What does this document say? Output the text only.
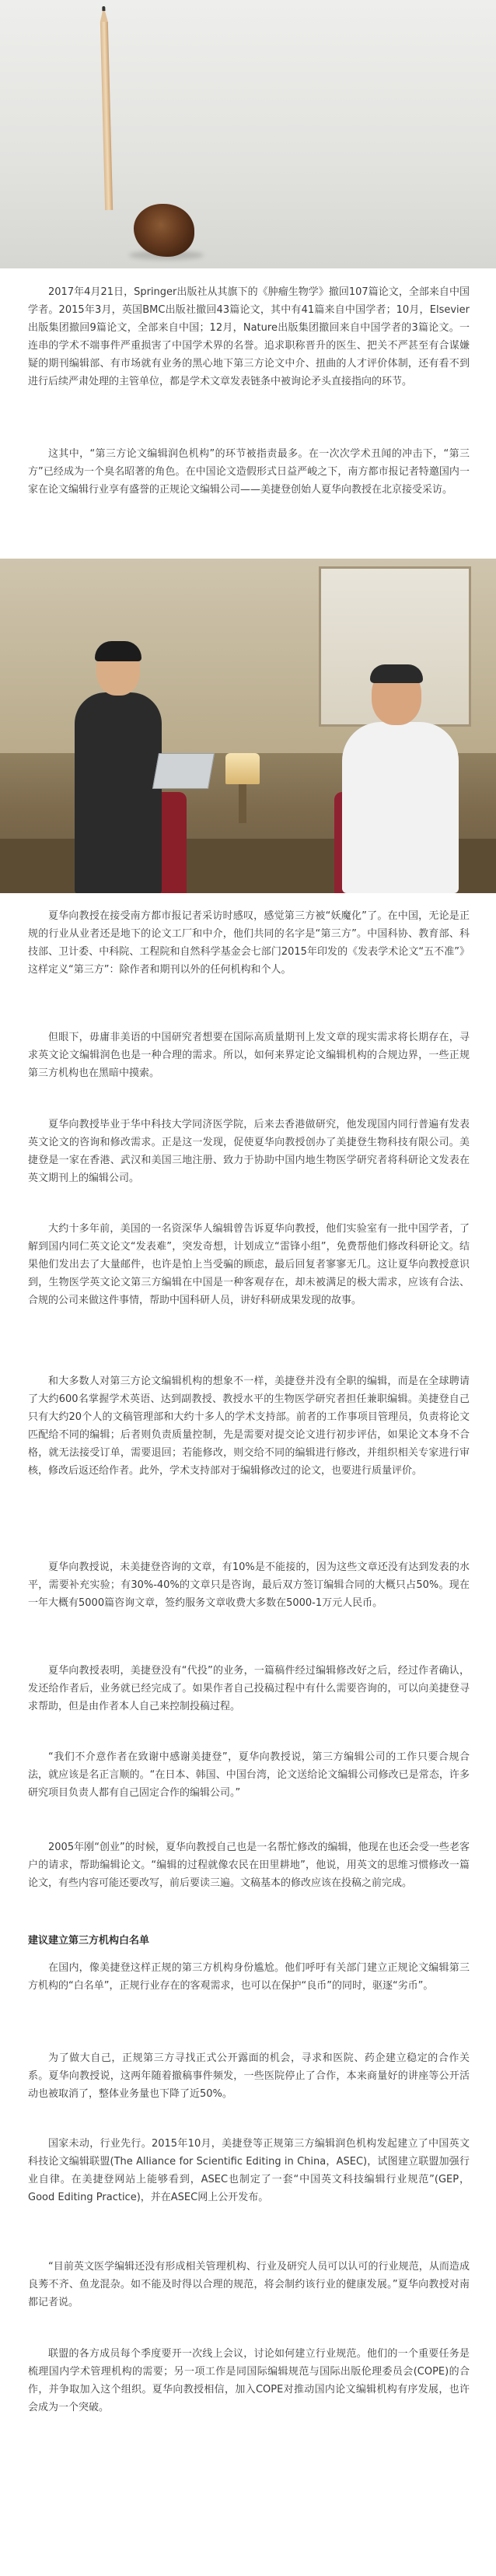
2017年4月21日，Springer出版社从其旗下的《肿瘤生物学》撤回107篇论文，全部来自中国学者。2015年3月，英国BMC出版社撤回43篇论文，其中有41篇来自中国学者；10月，Elsevier出版集团撤回9篇论文，全部来自中国；12月，Nature出版集团撤回来自中国学者的3篇论文。一连串的学术不端事件严重损害了中国学术界的名誉。追求职称晋升的医生、把关不严甚至有合谋嫌疑的期刊编辑部、有市场就有业务的黑心地下第三方论文中介、扭曲的人才评价体制，还有看不到进行后续严肃处理的主管单位，都是学术文章发表链条中被询论矛头直接指向的环节。

这其中，“第三方论文编辑润色机构”的环节被指责最多。在一次次学术丑闻的冲击下，“第三方”已经成为一个臭名昭著的角色。在中国论文造假形式日益严峻之下，南方都市报记者特邀国内一家在论文编辑行业享有盛誉的正规论文编辑公司——美捷登创始人夏华向教授在北京接受采访。

夏华向教授在接受南方都市报记者采访时感叹，感觉第三方被“妖魔化”了。在中国，无论是正规的行业从业者还是地下的论文工厂和中介，他们共同的名字是“第三方”。中国科协、教育部、科技部、卫计委、中科院、工程院和自然科学基金会七部门2015年印发的《发表学术论文“五不准”》这样定义“第三方”：除作者和期刊以外的任何机构和个人。

但眼下，毋庸非美语的中国研究者想要在国际高质量期刊上发文章的现实需求将长期存在，寻求英文论文编辑润色也是一种合理的需求。所以，如何来界定论文编辑机构的合规边界，一些正规第三方机构也在黑暗中摸索。

夏华向教授毕业于华中科技大学同济医学院，后来去香港做研究，他发现国内同行普遍有发表英文论文的咨询和修改需求。正是这一发现，促使夏华向教授创办了美捷登生物科技有限公司。美捷登是一家在香港、武汉和美国三地注册、致力于协助中国内地生物医学研究者将科研论文发表在英文期刊上的编辑公司。

大约十多年前，美国的一名资深华人编辑曾告诉夏华向教授，他们实验室有一批中国学者，了解到国内同仁英文论文“发表难”，突发奇想，计划成立“雷锋小组”，免费帮他们修改科研论文。结果他们发出去了大量邮件，也许是怕上当受骗的顾虑，最后回复者寥寥无几。这让夏华向教授意识到，生物医学英文论文第三方编辑在中国是一种客观存在，却未被满足的极大需求，应该有合法、合规的公司来做这件事情，帮助中国科研人员，讲好科研成果发现的故事。

和大多数人对第三方论文编辑机构的想象不一样，美捷登并没有全职的编辑，而是在全球聘请了大约600名掌握学术英语、达到副教授、教授水平的生物医学研究者担任兼职编辑。美捷登自己只有大约20个人的文稿管理部和大约十多人的学术支持部。前者的工作事项目管理员，负责将论文匹配给不同的编辑；后者则负责质量控制，先是需要对提交论文进行初步评估，如果论文本身不合格，就无法接受订单，需要退回；若能修改，则交给不同的编辑进行修改，并组织相关专家进行审核，修改后返还给作者。此外，学术支持部对于编辑修改过的论文，也要进行质量评价。

夏华向教授说，未美捷登咨询的文章，有10%是不能接的，因为这些文章还没有达到发表的水平，需要补充实验；有30%-40%的文章只是咨询，最后双方签订编辑合同的大概只占50%。现在一年大概有5000篇咨询文章，签约服务文章收费大多数在5000-1万元人民币。

夏华向教授表明，美捷登没有“代投”的业务，一篇稿件经过编辑修改好之后，经过作者确认，发还给作者后，业务就已经完成了。如果作者自己投稿过程中有什么需要咨询的，可以向美捷登寻求帮助，但是由作者本人自己来控制投稿过程。

“我们不介意作者在致谢中感谢美捷登”，夏华向教授说，第三方编辑公司的工作只要合规合法，就应该是名正言顺的。“在日本、韩国、中国台湾，论文送给论文编辑公司修改已是常态，许多研究项目负责人都有自己固定合作的编辑公司。”

2005年刚“创业”的时候，夏华向教授自己也是一名帮忙修改的编辑，他现在也还会受一些老客户的请求，帮助编辑论文。“编辑的过程就像农民在田里耕地”，他说，用英文的思维习惯修改一篇论文，有些内容可能还要改写，前后要读三遍。文稿基本的修改应该在投稿之前完成。

建议建立第三方机构白名单

在国内，像美捷登这样正规的第三方机构身份尴尬。他们呼吁有关部门建立正规论文编辑第三方机构的“白名单”，正规行业存在的客观需求，也可以在保护“良币”的同时，驱逐“劣币”。

为了做大自己，正规第三方寻找正式公开露面的机会，寻求和医院、药企建立稳定的合作关系。夏华向教授说，这两年随着撤稿事件频发，一些医院停止了合作，本来商量好的讲座等公开活动也被取消了，整体业务量也下降了近50%。

国家未动，行业先行。2015年10月，美捷登等正规第三方编辑润色机构发起建立了中国英文科技论文编辑联盟(The Alliance for Scientific Editing in China，ASEC)，试图建立联盟加强行业自律。在美捷登网站上能够看到，ASEC也制定了一套“中国英文科技编辑行业规范”(GEP，Good Editing Practice)，并在ASEC网上公开发布。

“目前英文医学编辑还没有形成相关管理机构、行业及研究人员可以认可的行业规范，从而造成良莠不齐、鱼龙混杂。如不能及时得以合理的规范，将会制约该行业的健康发展。”夏华向教授对南都记者说。

联盟的各方成员每个季度要开一次线上会议，讨论如何建立行业规范。他们的一个重要任务是梳理国内学术管理机构的需要；另一项工作是同国际编辑规范与国际出版伦理委员会(COPE)的合作，并争取加入这个组织。夏华向教授相信，加入COPE对推动国内论文编辑机构有序发展，也许会成为一个突破。
